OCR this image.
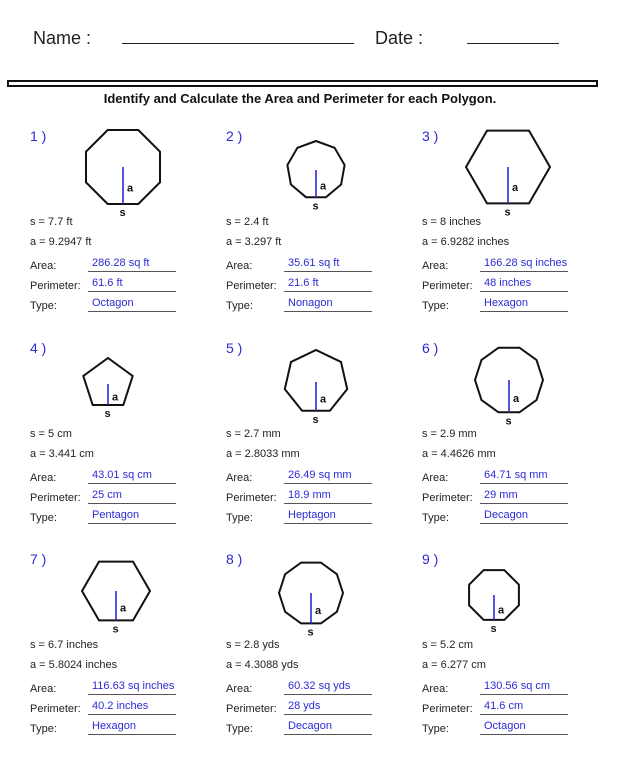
Name :	Date :
Identify and Calculate the Area and Perimeter for each Polygon.
1 )
a
s
s = 7.7 ft
a = 9.2947 ft
Area:	286.28 sq ft
Perimeter:	61.6 ft
Type:	Octagon
2 )
a
s
s = 2.4 ft
a = 3.297 ft
Area:	35.61 sq ft
Perimeter:	21.6 ft
Type:	Nonagon
3 )
a
s
s = 8 inches
a = 6.9282 inches
Area:	166.28 sq inches
Perimeter:	48 inches
Type:	Hexagon
4 )
a
s
s = 5 cm
a = 3.441 cm
Area:	43.01 sq cm
Perimeter:	25 cm
Type:	Pentagon
5 )
a
s
s = 2.7 mm
a = 2.8033 mm
Area:	26.49 sq mm
Perimeter:	18.9 mm
Type:	Heptagon
6 )
a
s
s = 2.9 mm
a = 4.4626 mm
Area:	64.71 sq mm
Perimeter:	29 mm
Type:	Decagon
7 )
a
s
s = 6.7 inches
a = 5.8024 inches
Area:	116.63 sq inches
Perimeter:	40.2 inches
Type:	Hexagon
8 )
a
s
s = 2.8 yds
a = 4.3088 yds
Area:	60.32 sq yds
Perimeter:	28 yds
Type:	Decagon
9 )
a
s
s = 5.2 cm
a = 6.277 cm
Area:	130.56 sq cm
Perimeter:	41.6 cm
Type:	Octagon
